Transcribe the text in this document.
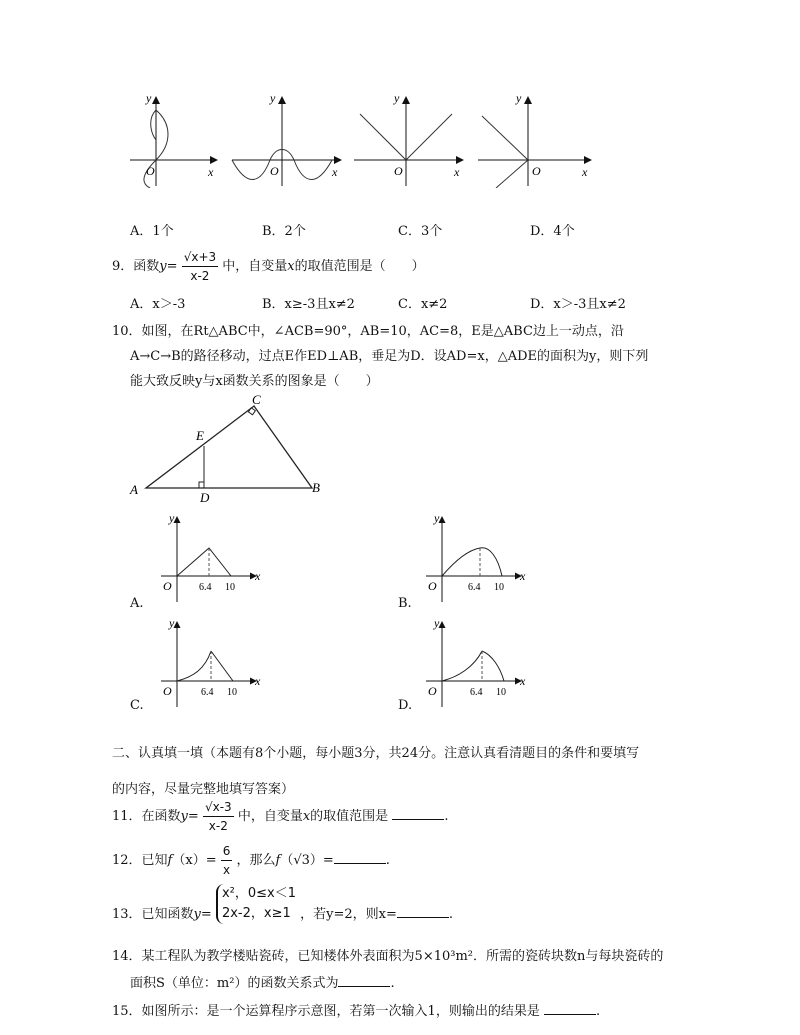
y
x
O
y
x
O
y
x
O
y
x
O
A．1个	B．2个	C．3个	D．4个
9．函数$y= \frac{√x+3}{x-2}$ 中，自变量x的取值范围是（　　）
A．x＞-3	B．x≥-3且x≠2	C．x≠2	D．x＞-3且x≠2
10．如图，在Rt△ABC中，∠ACB=90°，AB=10，AC=8，E是△ABC边上一动点，沿
A→C→B的路径移动，过点E作ED⊥AB，垂足为D．设AD=x，△ADE的面积为y，则下列
能大致反映y与x函数关系的图象是（　　）
A	B
C
D
E
y
x
O	6.4 10
A.
y
x
O	6.4 10
B.
y
x
O	6.4 10
C.
y
x
O	6.4 10
D.
二、认真填一填（本题有8个小题，每小题3分，共24分。注意认真看清题目的条件和要填写
的内容，尽量完整地填写答案）
11．在函数$y= \frac{√x-3}{x-2}$ 中，自变量x的取值范围是	.
12．已知$f(x)= \frac{6}{x}$ ，那么f（√3）=	.
13．已知函数y=
x²，0≤x＜1
2x-2，x≥1 ，若y=2，则x=	.
14．某工程队为教学楼贴瓷砖，已知楼体外表面积为5×10³m²．所需的瓷砖块数n与每块瓷砖的
面积S（单位：m²）的函数关系式为	.
15．如图所示：是一个运算程序示意图，若第一次输入1，则输出的结果是	.
